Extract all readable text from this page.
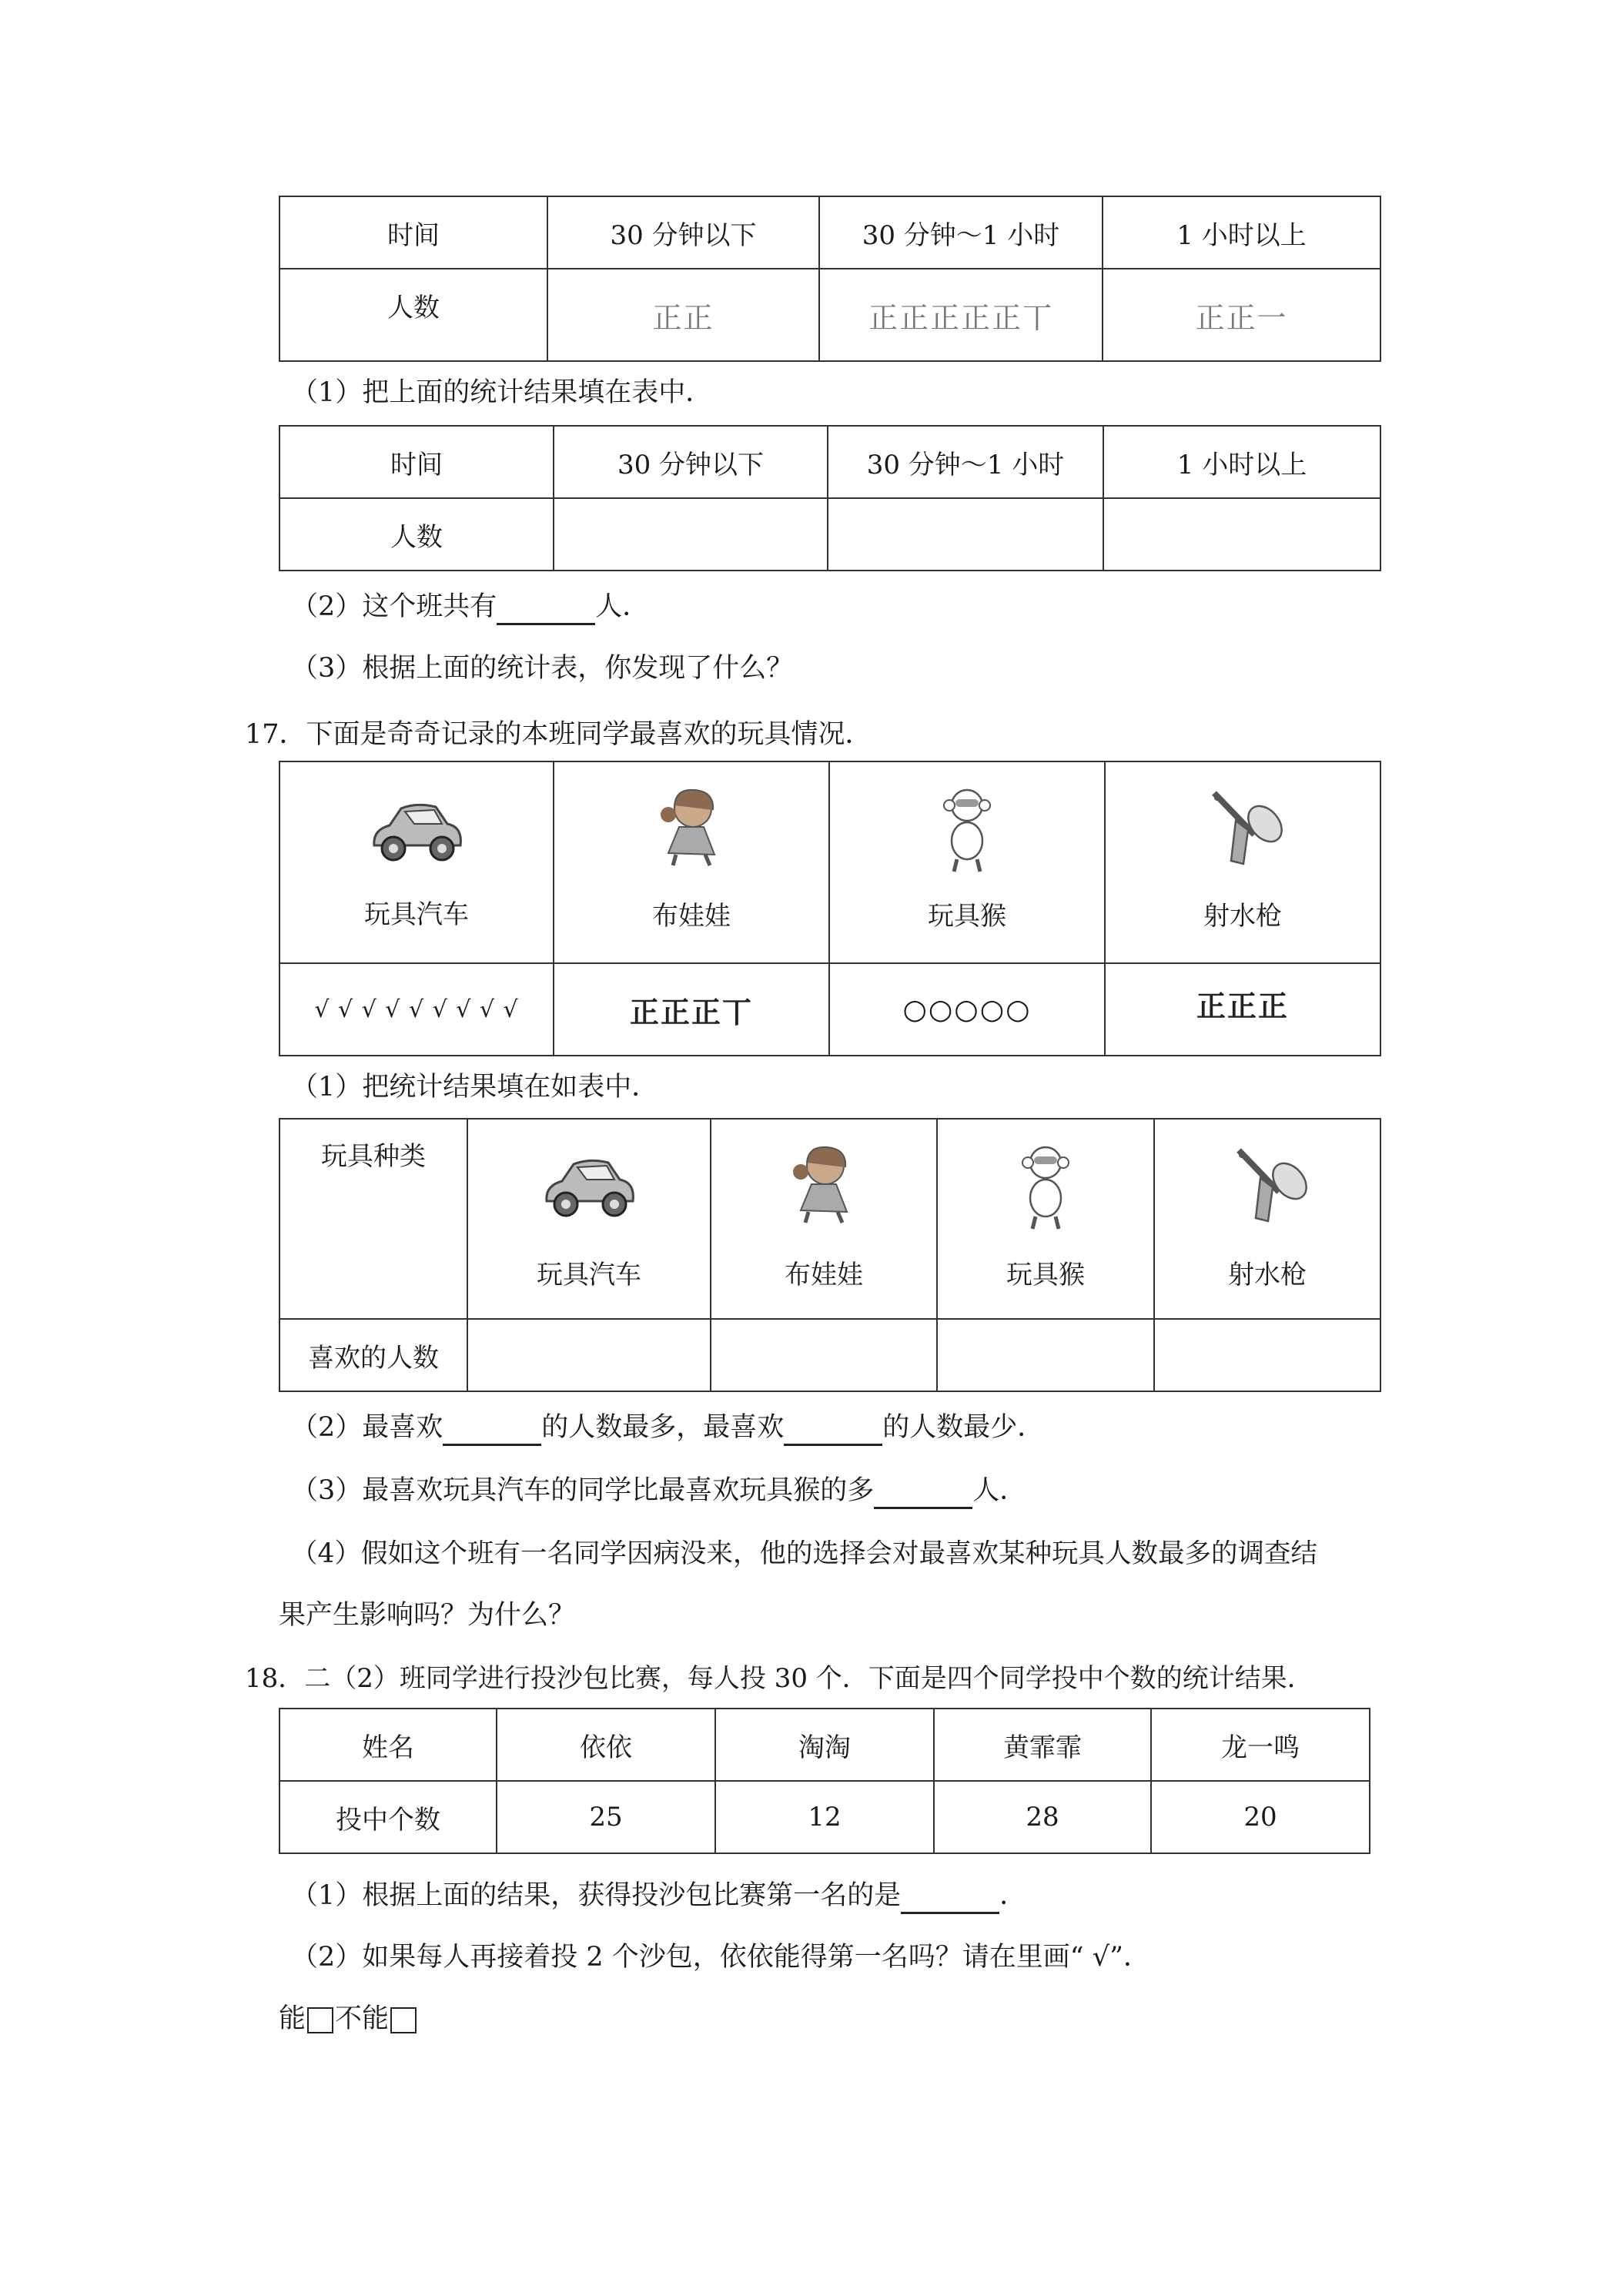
时间	30 分钟以下	30 分钟～1 小时	1 小时以上
人数	正正	正正正正正丅	正正一
（1）把上面的统计结果填在表中．
时间	30 分钟以下	30 分钟～1 小时	1 小时以上
人数			
（2）这个班共有	人．
（3）根据上面的统计表，你发现了什么？
17．下面是奇奇记录的本班同学最喜欢的玩具情况．
玩具汽车	布娃娃	玩具猴	射水枪

√ √ √ √ √ √ √ √ √	正正正丅	○○○○○	正正正
（1）把统计结果填在如表中．
玩具种类	玩具汽车	布娃娃	玩具猴	射水枪

喜欢的人数				
（2）最喜欢	的人数最多，最喜欢	的人数最少．
（3）最喜欢玩具汽车的同学比最喜欢玩具猴的多	人．
（4）假如这个班有一名同学因病没来，他的选择会对最喜欢某种玩具人数最多的调查结
果产生影响吗？为什么？
18．二（2）班同学进行投沙包比赛，每人投 30 个．下面是四个同学投中个数的统计结果．
姓名	依依	淘淘	黄霏霏	龙一鸣
投中个数	25	12	28	20
（1）根据上面的结果，获得投沙包比赛第一名的是	．
（2）如果每人再接着投 2 个沙包，依依能得第一名吗？请在里画“ √”．
能 不能
